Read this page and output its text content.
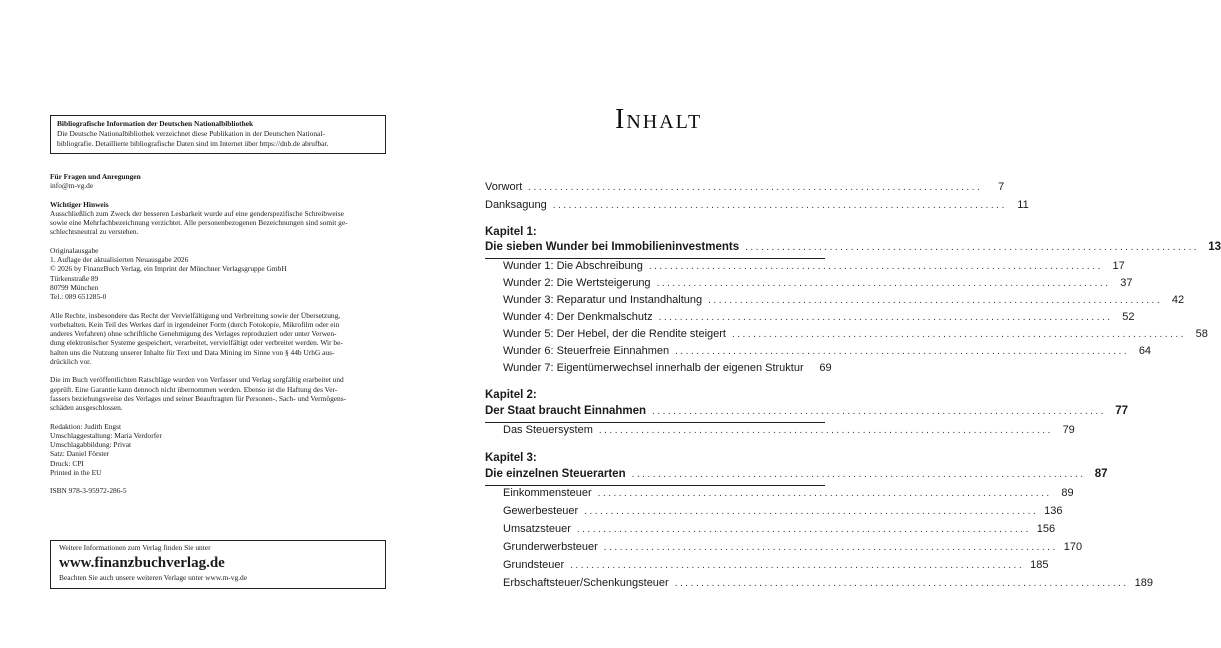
Bibliografische Information der Deutschen Nationalbibliothek
Die Deutsche Nationalbibliothek verzeichnet diese Publikation in der Deutschen National-
bibliografie. Detaillierte bibliografische Daten sind im Internet über https://dnb.de abrufbar.
Für Fragen und Anregungen
info@m-vg.de
Wichtiger Hinweis
Ausschließlich zum Zweck der besseren Lesbarkeit wurde auf eine genderspezifische Schreibweise
sowie eine Mehrfachbezeichnung verzichtet. Alle personenbezogenen Bezeichnungen sind somit ge-
schlechtsneutral zu verstehen.
Originalausgabe
1. Auflage der aktualisierten Neuausgabe 2026
© 2026 by FinanzBuch Verlag, ein Imprint der Münchner Verlagsgruppe GmbH
Türkenstraße 89
80799 München
Tel.: 089 651285-0
Alle Rechte, insbesondere das Recht der Vervielfältigung und Verbreitung sowie der Übersetzung,
vorbehalten. Kein Teil des Werkes darf in irgendeiner Form (durch Fotokopie, Mikrofilm oder ein
anderes Verfahren) ohne schriftliche Genehmigung des Verlages reproduziert oder unter Verwen-
dung elektronischer Systeme gespeichert, verarbeitet, vervielfältigt oder verbreitet werden. Wir be-
halten uns die Nutzung unserer Inhalte für Text und Data Mining im Sinne von § 44b UrhG aus-
drücklich vor.
Die im Buch veröffentlichten Ratschläge wurden von Verfasser und Verlag sorgfältig erarbeitet und
geprüft. Eine Garantie kann dennoch nicht übernommen werden. Ebenso ist die Haftung des Ver-
fassers beziehungsweise des Verlages und seiner Beauftragten für Personen-, Sach- und Vermögens-
schäden ausgeschlossen.
Redaktion: Judith Engst
Umschlaggestaltung: Maria Verdorfer
Umschlagabbildung: Privat
Satz: Daniel Förster
Druck: CPI
Printed in the EU
ISBN 978-3-95972-286-5
Weitere Informationen zum Verlag finden Sie unter
www.finanzbuchverlag.de
Beachten Sie auch unsere weiteren Verlage unter www.m-vg.de
Inhalt
Vorwort ......................................................................................	7
Danksagung ...................................................................................... 11
Kapitel 1:
Die sieben Wunder bei Immobilieninvestments ...................................................................................... 13
Wunder 1: Die Abschreibung ...................................................................................... 17
Wunder 2: Die Wertsteigerung ...................................................................................... 37
Wunder 3: Reparatur und Instandhaltung ...................................................................................... 42
Wunder 4: Der Denkmalschutz ...................................................................................... 52
Wunder 5: Der Hebel, der die Rendite steigert ...................................................................................... 58
Wunder 6: Steuerfreie Einnahmen ...................................................................................... 64
Wunder 7: Eigentümerwechsel innerhalb der eigenen Struktur	69
Kapitel 2:
Der Staat braucht Einnahmen ...................................................................................... 77
Das Steuersystem ...................................................................................... 79
Kapitel 3:
Die einzelnen Steuerarten ...................................................................................... 87
Einkommensteuer ...................................................................................... 89
Gewerbesteuer ...................................................................................... 136
Umsatzsteuer ...................................................................................... 156
Grunderwerbsteuer ...................................................................................... 170
Grundsteuer ...................................................................................... 185
Erbschaftsteuer/Schenkungsteuer ...................................................................................... 189
